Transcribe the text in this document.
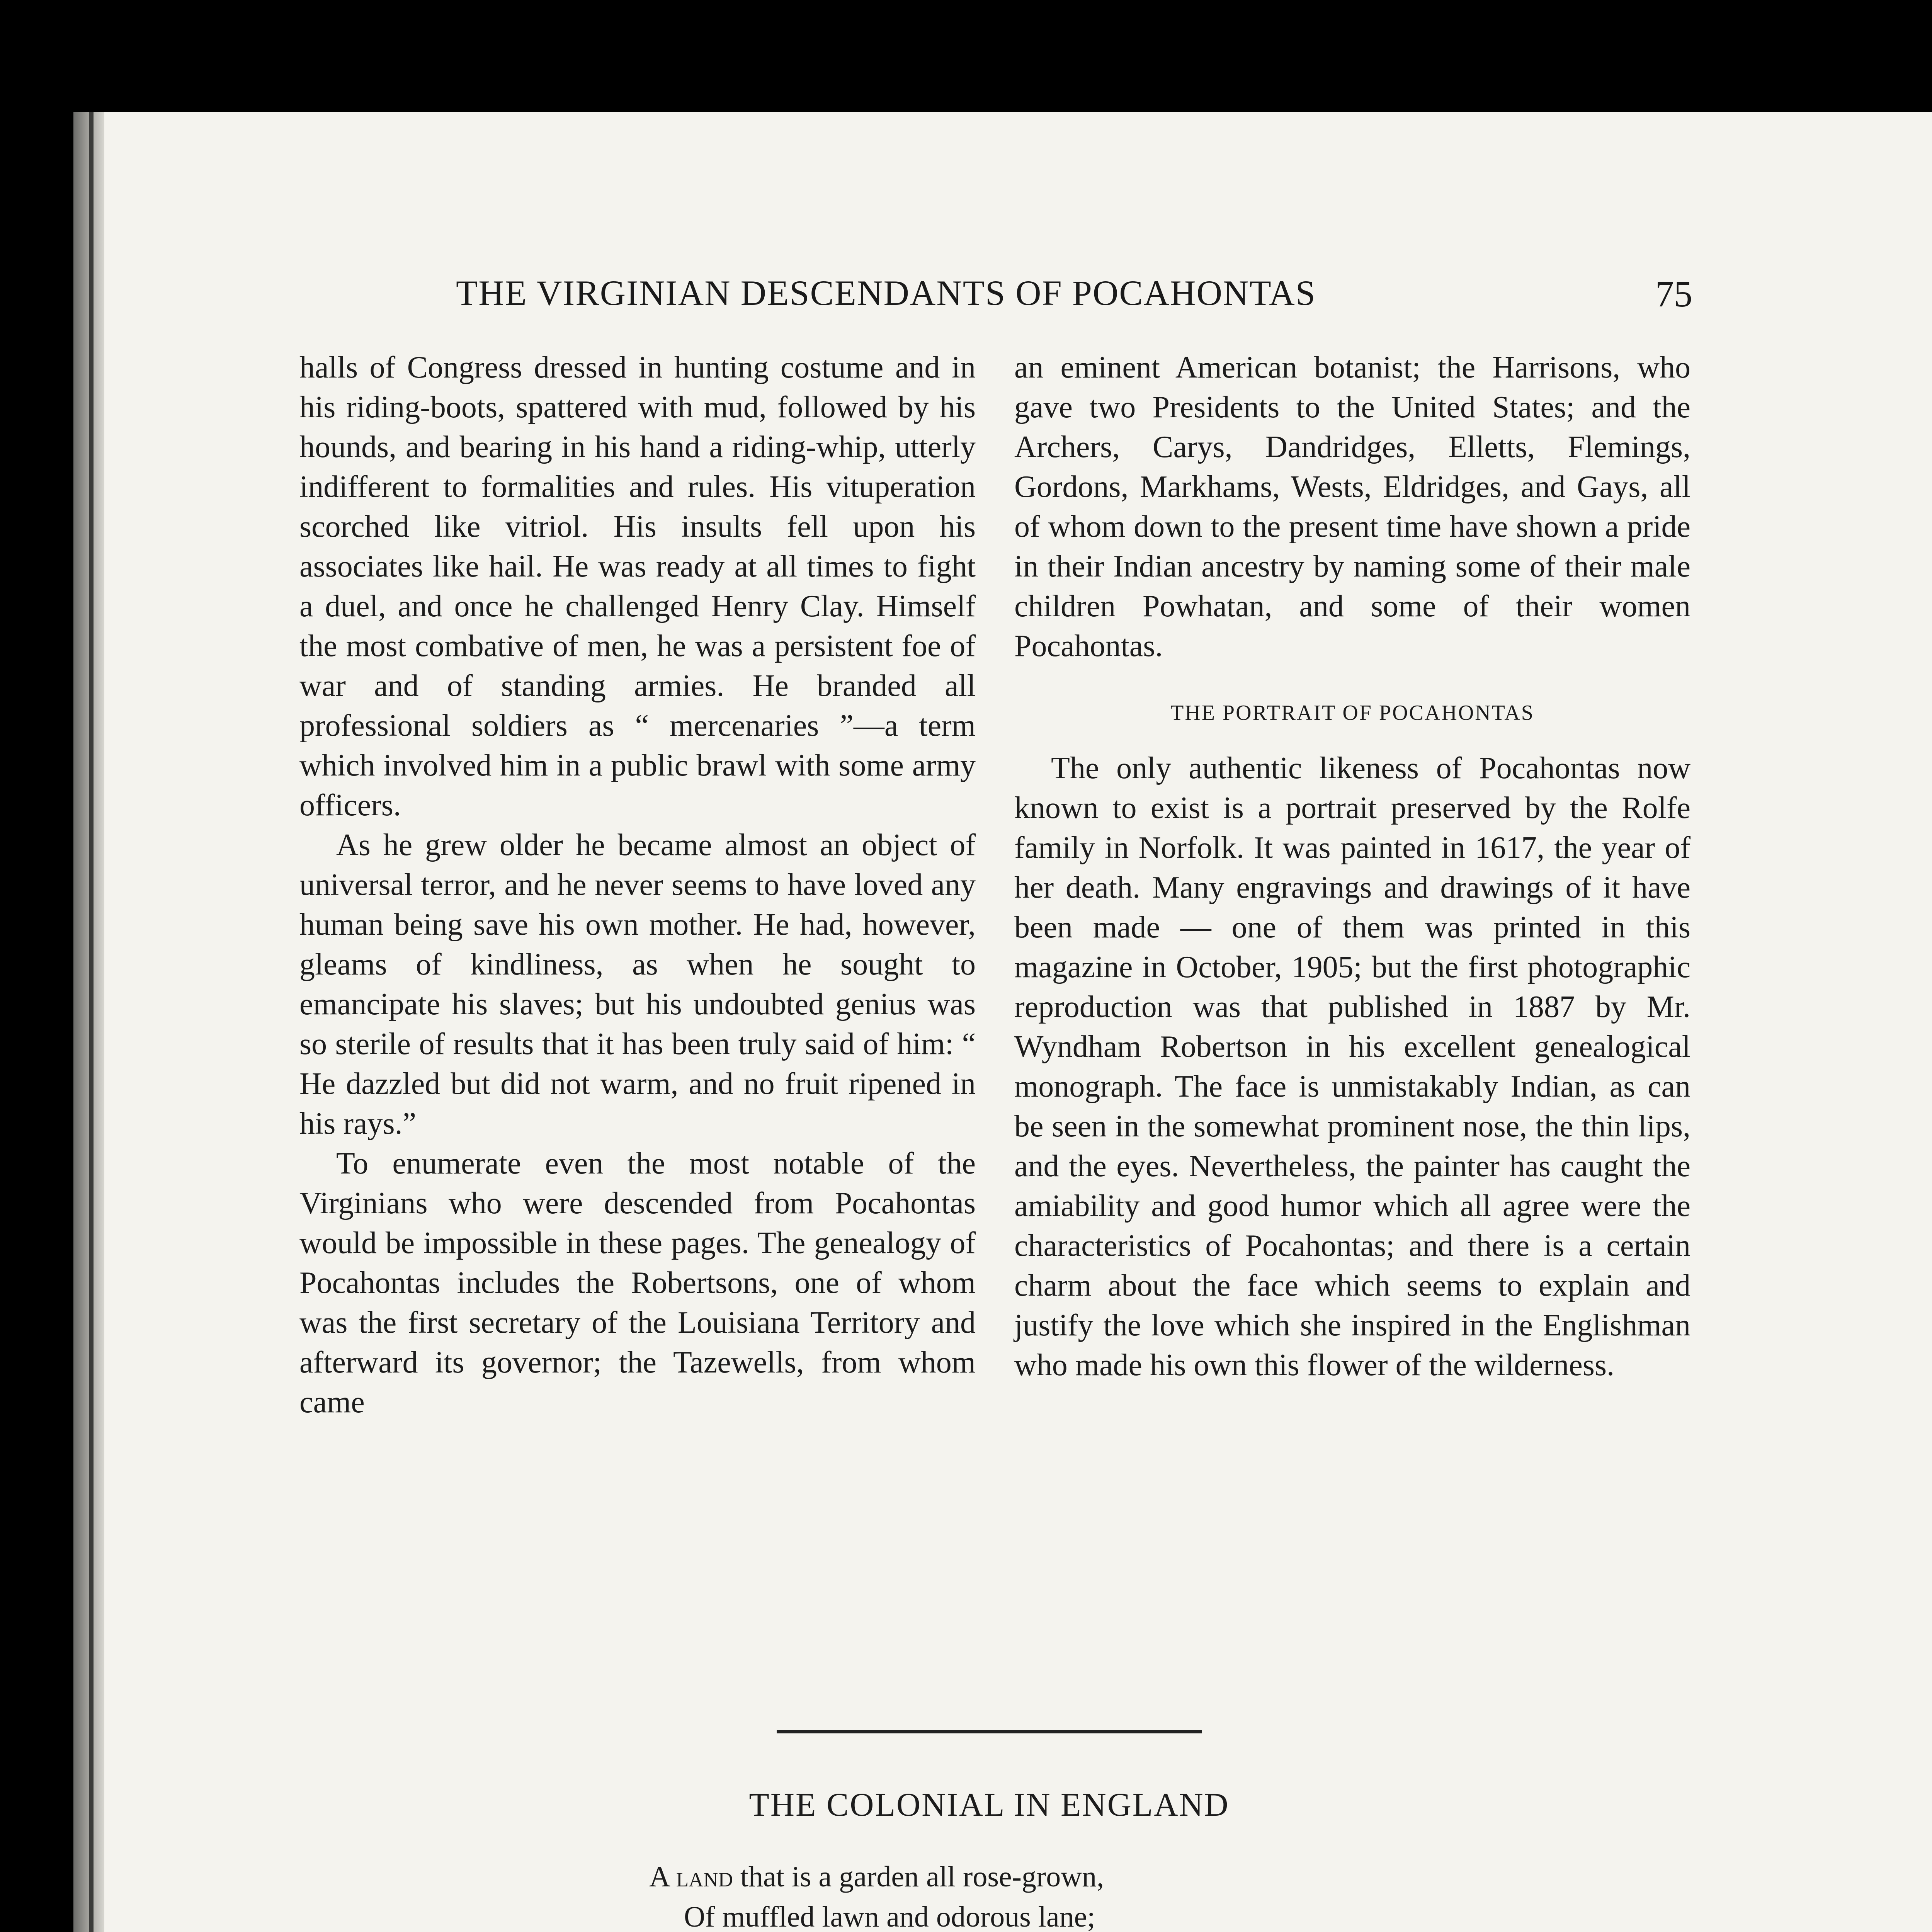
THE VIRGINIAN DESCENDANTS OF POCAHONTAS	75

halls of Congress dressed in hunting costume and in his riding-boots, spattered with mud, followed by his hounds, and bearing in his hand a riding-whip, utterly indifferent to formalities and rules. His vituperation scorched like vitriol. His insults fell upon his associates like hail. He was ready at all times to fight a duel, and once he challenged Henry Clay. Himself the most combative of men, he was a persistent foe of war and of standing armies. He branded all professional soldiers as “ mercenaries ”—a term which involved him in a public brawl with some army officers.

As he grew older he became almost an object of universal terror, and he never seems to have loved any human being save his own mother. He had, however, gleams of kindliness, as when he sought to emancipate his slaves; but his undoubted genius was so sterile of results that it has been truly said of him: “ He dazzled but did not warm, and no fruit ripened in his rays.”

To enumerate even the most notable of the Virginians who were descended from Pocahontas would be impossible in these pages. The genealogy of Pocahontas includes the Robertsons, one of whom was the first secretary of the Louisiana Territory and afterward its governor; the Tazewells, from whom came

an eminent American botanist; the Harrisons, who gave two Presidents to the United States; and the Archers, Carys, Dandridges, Elletts, Flemings, Gordons, Markhams, Wests, Eldridges, and Gays, all of whom down to the present time have shown a pride in their Indian ancestry by naming some of their male children Powhatan, and some of their women Pocahontas.

THE PORTRAIT OF POCAHONTAS

The only authentic likeness of Pocahontas now known to exist is a portrait preserved by the Rolfe family in Norfolk. It was painted in 1617, the year of her death. Many engravings and drawings of it have been made — one of them was printed in this magazine in October, 1905; but the first photographic reproduction was that published in 1887 by Mr. Wyndham Robertson in his excellent genealogical monograph. The face is unmistakably Indian, as can be seen in the somewhat prominent nose, the thin lips, and the eyes. Nevertheless, the painter has caught the amiability and good humor which all agree were the characteristics of Pocahontas; and there is a certain charm about the face which seems to explain and justify the love which she inspired in the Englishman who made his own this flower of the wilderness.

THE COLONIAL IN ENGLAND
A land that is a garden all rose-grown,
Of muffled lawn and odorous lane;
